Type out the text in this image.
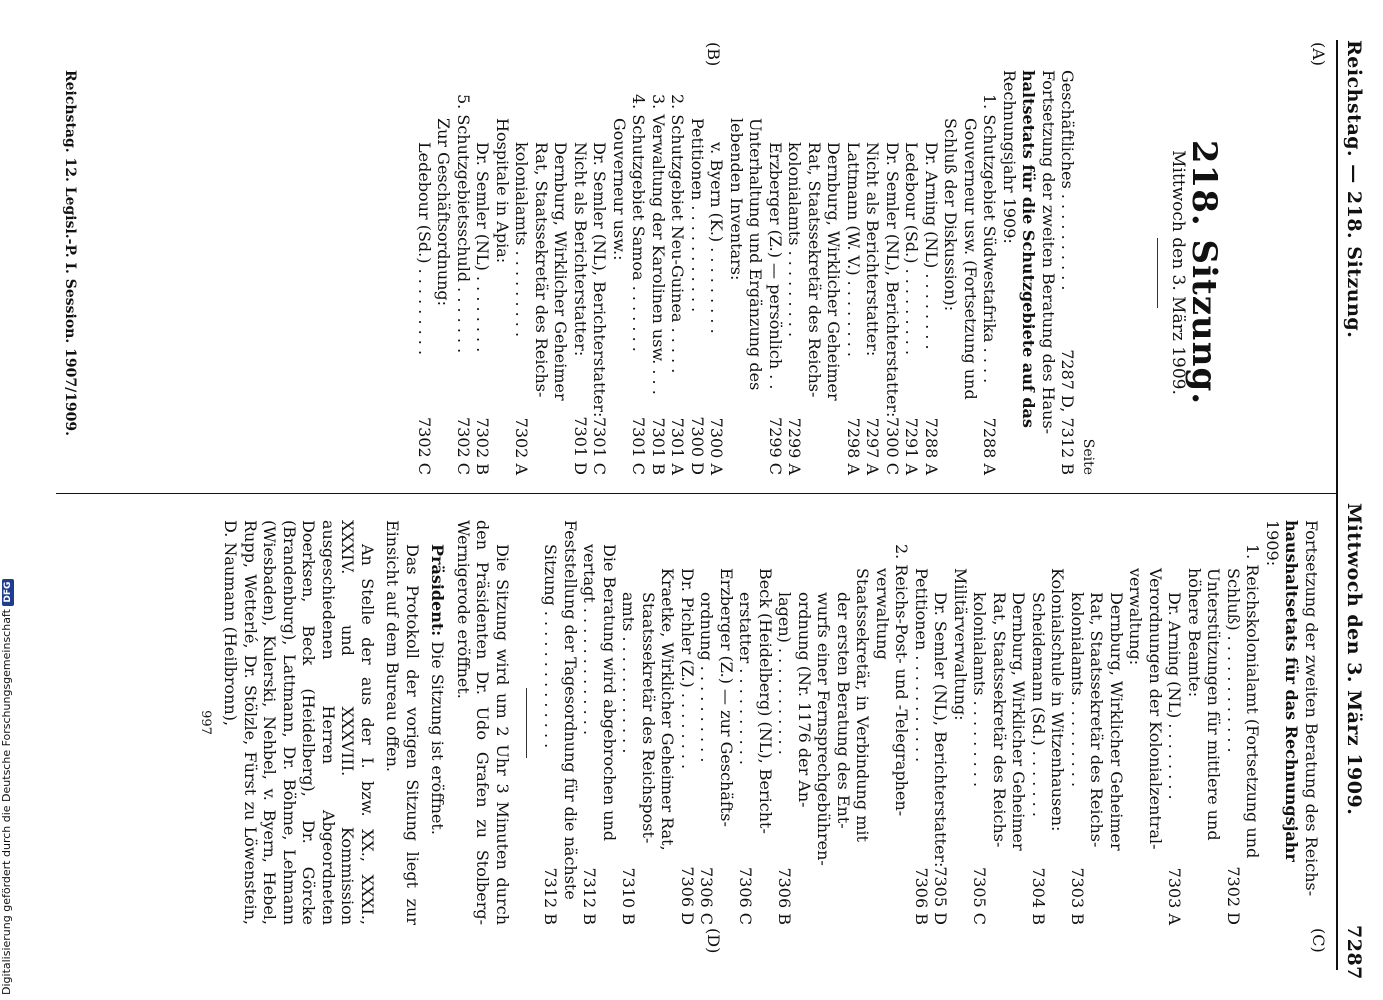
Reichstag. — 218. Sitzung.
Mittwoch den 3. März 1909.
7287
(A)
(B)
(C)
(D)
218. Sitzung.
Mittwoch den 3. März 1909.
Seite
Geschäftliches . . . . . . . . . .
7287 D, 7312 B
Fortsetzung der zweiten Beratung des Haus-
haltsetats für die Schutzgebiete auf das
Rechnungsjahr 1909:
1. Schutzgebiet Südwestafrika . . . .
7288 A
Gouverneur usw. (Fortsetzung und
Schluß der Diskussion):
Dr. Arning (NL) . . . . . . . .
7288 A
Ledebour (Sd.) . . . . . . . . .
7291 A
Dr. Semler (NL), Berichterstatter:
7300 C
Nicht als Berichterstatter:
7297 A
Lattmann (W. V.) . . . . . . . .
7298 A
Dernburg, Wirklicher Geheimer
Rat, Staatssekretär des Reichs-
kolonialamts . . . . . . . . .
7299 A
Erzberger (Z.) — persönlich . .
7299 C
Unterhaltung und Ergänzung des
lebenden Inventars:
v. Byern (K.) . . . . . . . . .
7300 A
Petitionen . . . . . . . . . . .
7300 D
2. Schutzgebiet Neu-Guinea . . . . .
7301 A
3. Verwaltung der Karolinen usw. . . .
7301 B
4. Schutzgebiet Samoa . . . . . . .
7301 C
Gouverneur usw.:
Dr. Semler (NL), Berichterstatter:
7301 C
Nicht als Berichterstatter:
7301 D
Dernburg, Wirklicher Geheimer
Rat, Staatssekretär des Reichs-
kolonialamts . . . . . . . . .
7302 A
Hospitale in Apia:
Dr. Semler (NL) . . . . . . . .
7302 B
5. Schutzgebietsschuld . . . . . . .
7302 C
Zur Geschäftsordnung:
Ledebour (Sd.) . . . . . . . . .
7302 C
Reichstag. 12. Legisl.-P. I. Session. 1907/1909.
Fortsetzung der zweiten Beratung des Reichs-
haushaltsetats für das Rechnungsjahr
1909:
1. Reichskolonialamt (Fortsetzung und
Schluß) . . . . . . . . . . . .
7302 D
Unterstützungen für mittlere und
höhere Beamte:
Dr. Arning (NL) . . . . . . . .
7303 A
Verordnungen der Kolonialzentral-
verwaltung:
Dernburg, Wirklicher Geheimer
Rat, Staatssekretär des Reichs-
kolonialamts . . . . . . . . .
7303 B
Kolonialschule in Witzenhausen:
Scheidemann (Sd.) . . . . . . .
7304 B
Dernburg, Wirklicher Geheimer
Rat, Staatssekretär des Reichs-
kolonialamts . . . . . . . . .
7305 C
Militärverwaltung:
Dr. Semler (NL), Berichterstatter:
7305 D
Petitionen . . . . . . . . . . .
7306 B
2. Reichs-Post- und -Telegraphen-
verwaltung
Staatssekretär, in Verbindung mit
der ersten Beratung des Ent-
wurfs einer Fernsprechgebühren-
ordnung (Nr. 1176 der An-
lagen) . . . . . . . . . . .
7306 B
Beck (Heidelberg) (NL), Bericht-
erstatter . . . . . . . . . .
7306 C
Erzberger (Z.) — zur Geschäfts-
ordnung . . . . . . . . . .
7306 C
Dr. Pichler (Z.) . . . . . . . .
7306 D
Kraetke, Wirklicher Geheimer Rat,
Staatssekretär des Reichspost-
amts . . . . . . . . . . . .
7310 B
Die Beratung wird abgebrochen und
vertagt . . . . . . . . . . . . .
7312 B
Feststellung der Tagesordnung für die nächste
Sitzung . . . . . . . . . . . . . .
7312 B

Die Sitzung wird um 2 Uhr 3 Minuten durch den Präsidenten Dr. Udo Grafen zu Stolberg-Wernigerode eröffnet.

Präsident: Die Sitzung ist eröffnet.

Das Protokoll der vorigen Sitzung liegt zur Einsicht auf dem Bureau offen.

An Stelle der aus der I. bzw. XX., XXXI., XXXIV. und XXXVIII. Kommission ausgeschiedenen Herren Abgeordneten Doerksen, Beck (Heidelberg), Dr. Görcke (Brandenburg), Lattmann, Dr. Böhme, Lehmann (Wiesbaden), Kulerski, Nehbel, v. Byern, Hebel, Rupp, Wetterlé, Dr. Stölzle, Fürst zu Löwenstein, D. Naumann (Heilbronn),

997
Digitalisierung gefördert durch die Deutsche Forschungsgemeinschaft DFG
